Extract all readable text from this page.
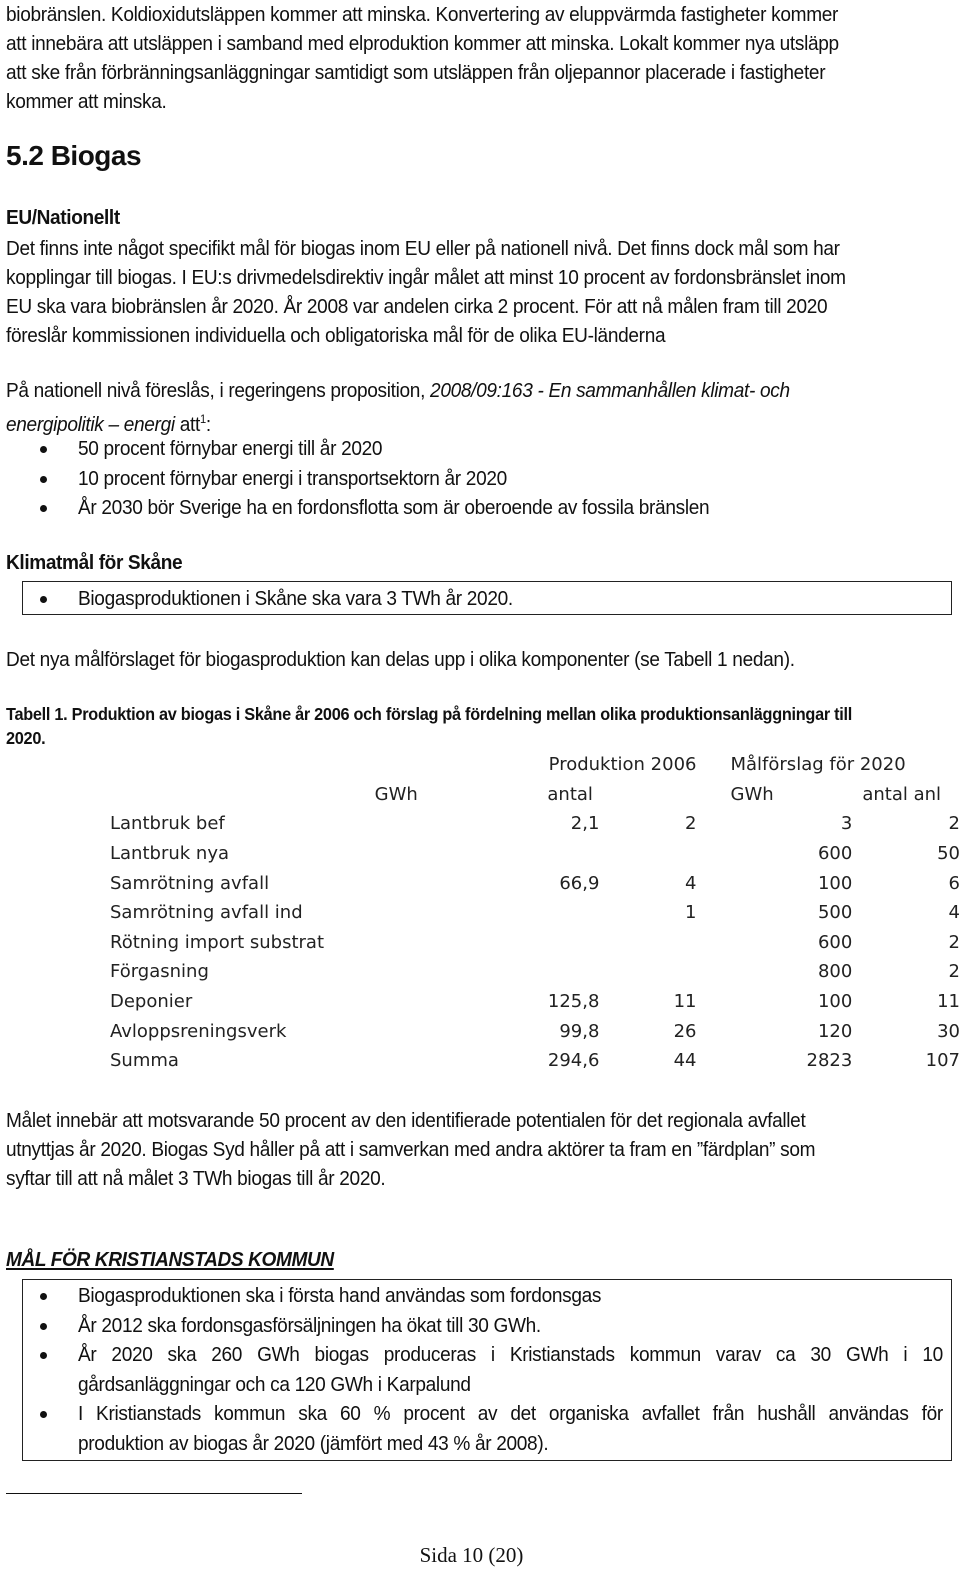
biobränslen. Koldioxidutsläppen kommer att minska. Konvertering av eluppvärmda fastigheter kommer
att innebära att utsläppen i samband med elproduktion kommer att minska. Lokalt kommer nya utsläpp
att ske från förbränningsanläggningar samtidigt som utsläppen från oljepannor placerade i fastigheter
kommer att minska.
5.2 Biogas
EU/Nationellt
Det finns inte något specifikt mål för biogas inom EU eller på nationell nivå. Det finns dock mål som har
kopplingar till biogas. I EU:s drivmedelsdirektiv ingår målet att minst 10 procent av fordonsbränslet inom
EU ska vara biobränslen år 2020. År 2008 var andelen cirka 2 procent. För att nå målen fram till 2020
föreslår kommissionen individuella och obligatoriska mål för de olika EU-länderna
På nationell nivå föreslås, i regeringens proposition, 2008/09:163 - En sammanhållen klimat- och
energipolitik – energi att$^1$:
50 procent förnybar energi till år 2020
10 procent förnybar energi i transportsektorn år 2020
År 2030 bör Sverige ha en fordonsflotta som är oberoende av fossila bränslen
Klimatmål för Skåne
Biogasproduktionen i Skåne ska vara 3 TWh år 2020.
Det nya målförslaget för biogasproduktion kan delas upp i olika komponenter (se Tabell 1 nedan).
Tabell 1. Produktion av biogas i Skåne år 2006 och förslag på fördelning mellan olika produktionsanläggningar till
2020.
	Produktion 2006		Målförslag för 2020	
	GWh	antal	GWh	antal anl
Lantbruk bef	2,1	2	3	2
Lantbruk nya			600	50
Samrötning avfall	66,9	4	100	6
Samrötning avfall ind		1	500	4
Rötning import substrat			600	2
Förgasning			800	2
Deponier	125,8	11	100	11
Avloppsreningsverk	99,8	26	120	30
Summa	294,6	44	2823	107
Målet innebär att motsvarande 50 procent av den identifierade potentialen för det regionala avfallet
utnyttjas år 2020. Biogas Syd håller på att i samverkan med andra aktörer ta fram en ”färdplan” som
syftar till att nå målet 3 TWh biogas till år 2020.
MÅL FÖR KRISTIANSTADS KOMMUN
Biogasproduktionen ska i första hand användas som fordonsgas
År 2012 ska fordonsgasförsäljningen ha ökat till 30 GWh.
År 2020 ska 260 GWh biogas produceras i Kristianstads kommun varav ca 30 GWh i 10
gårdsanläggningar och ca 120 GWh i Karpalund
I Kristianstads kommun ska 60 % procent av det organiska avfallet från hushåll användas för
produktion av biogas år 2020 (jämfört med 43 % år 2008).
Sida 10 (20)
